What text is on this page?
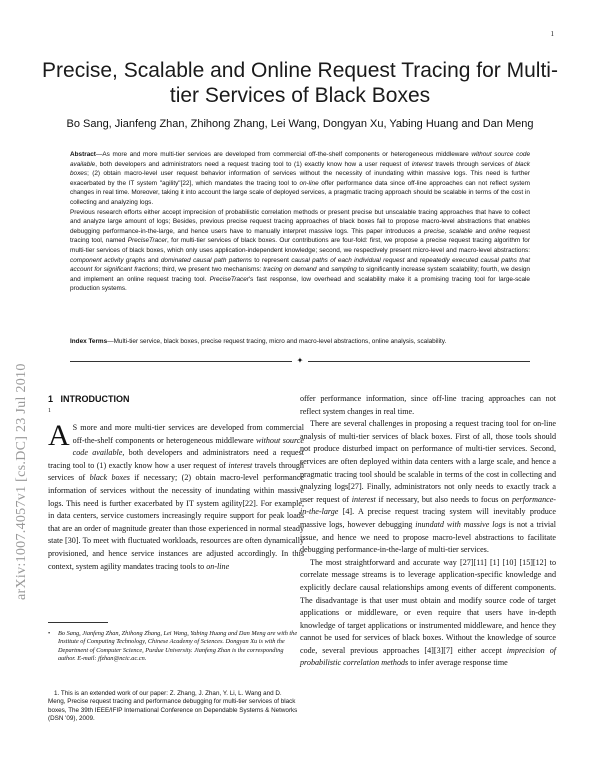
1
Precise, Scalable and Online Request Tracing for Multi-tier Services of Black Boxes
Bo Sang, Jianfeng Zhan, Zhihong Zhang, Lei Wang, Dongyan Xu, Yabing Huang and Dan Meng

Abstract—As more and more multi-tier services are developed from commercial off-the-shelf components or heterogeneous middleware without source code available, both developers and administrators need a request tracing tool to (1) exactly know how a user request of interest travels through services of black boxes; (2) obtain macro-level user request behavior information of services without the necessity of inundating within massive logs. This need is further exacerbated by the IT system "agility"[22], which mandates the tracing tool to on-line offer performance data since off-line approaches can not reflect system changes in real time. Moreover, taking it into account the large scale of deployed services, a pragmatic tracing approach should be scalable in terms of the cost in collecting and analyzing logs.

Previous research efforts either accept imprecision of probabilistic correlation methods or present precise but unscalable tracing approaches that have to collect and analyze large amount of logs; Besides, previous precise request tracing approaches of black boxes fail to propose macro-level abstractions that enables debugging performance-in-the-large, and hence users have to manually interpret massive logs. This paper introduces a precise, scalable and online request tracing tool, named PreciseTracer, for multi-tier services of black boxes. Our contributions are four-fold: first, we propose a precise request tracing algorithm for multi-tier services of black boxes, which only uses application-independent knowledge; second, we respectively present micro-level and macro-level abstractions: component activity graphs and dominated causal path patterns to represent causal paths of each individual request and repeatedly executed causal paths that account for significant fractions; third, we present two mechanisms: tracing on demand and sampling to significantly increase system scalability; fourth, we design and implement an online request tracing tool. PreciseTracer's fast response, low overhead and scalability make it a promising tracing tool for large-scale production systems.

Index Terms—Multi-tier service, black boxes, precise request tracing, micro and macro-level abstractions, online analysis, scalability.

✦
arXiv:1007.4057v1 [cs.DC] 23 Jul 2010 1 INTRODUCTION
1

A S more and more multi-tier services are developed from commercial off-the-shelf components or heterogeneous middleware without source code available, both developers and administrators need a request tracing tool to (1) exactly know how a user request of interest travels through services of black boxes if necessary; (2) obtain macro-level performance information of services without the necessity of inundating within massive logs. This need is further exacerbated by IT system agility[22]. For example, in data centers, service customers increasingly require support for peak loads that are an order of magnitude greater than those experienced in normal steady state [30]. To meet with fluctuated workloads, resources are often dynamically provisioned, and hence service instances are adjusted accordingly. In this context, system agility mandates tracing tools to on-line

• Bo Sang, Jianfeng Zhan, Zhihong Zhang, Lei Wang, Yabing Huang and Dan Meng are with the Institute of Computing Technology, Chinese Academy of Sciences. Dongyan Xu is with the Department of Computer Science, Purdue University. Jianfeng Zhan is the corresponding author. E-mail: jfzhan@ncic.ac.cn.
1. This is an extended work of our paper: Z. Zhang, J. Zhan, Y. Li, L. Wang and D. Meng, Precise request tracing and performance debugging for multi-tier services of black boxes, The 39th IEEE/IFIP International Conference on Dependable Systems & Networks (DSN '09), 2009.

offer performance information, since off-line tracing approaches can not reflect system changes in real time.

There are several challenges in proposing a request tracing tool for on-line analysis of multi-tier services of black boxes. First of all, those tools should not produce disturbed impact on performance of multi-tier services. Second, services are often deployed within data centers with a large scale, and hence a pragmatic tracing tool should be scalable in terms of the cost in collecting and analyzing logs[27]. Finally, administrators not only needs to exactly track a user request of interest if necessary, but also needs to focus on performance-in-the-large [4]. A precise request tracing system will inevitably produce massive logs, however debugging inundatd with massive logs is not a trivial issue, and hence we need to propose macro-level abstractions to facilitate debugging performance-in-the-large of multi-tier services.

The most straightforward and accurate way [27][11] [1] [10] [15][12] to correlate message streams is to leverage application-specific knowledge and explicitly declare causal relationships among events of different components. The disadvantage is that user must obtain and modify source code of target applications or middleware, or even require that users have in-depth knowledge of target applications or instrumented middleware, and hence they cannot be used for services of black boxes. Without the knowledge of source code, several previous approaches [4][3][7] either accept imprecision of probabilistic correlation methods to infer average response time
